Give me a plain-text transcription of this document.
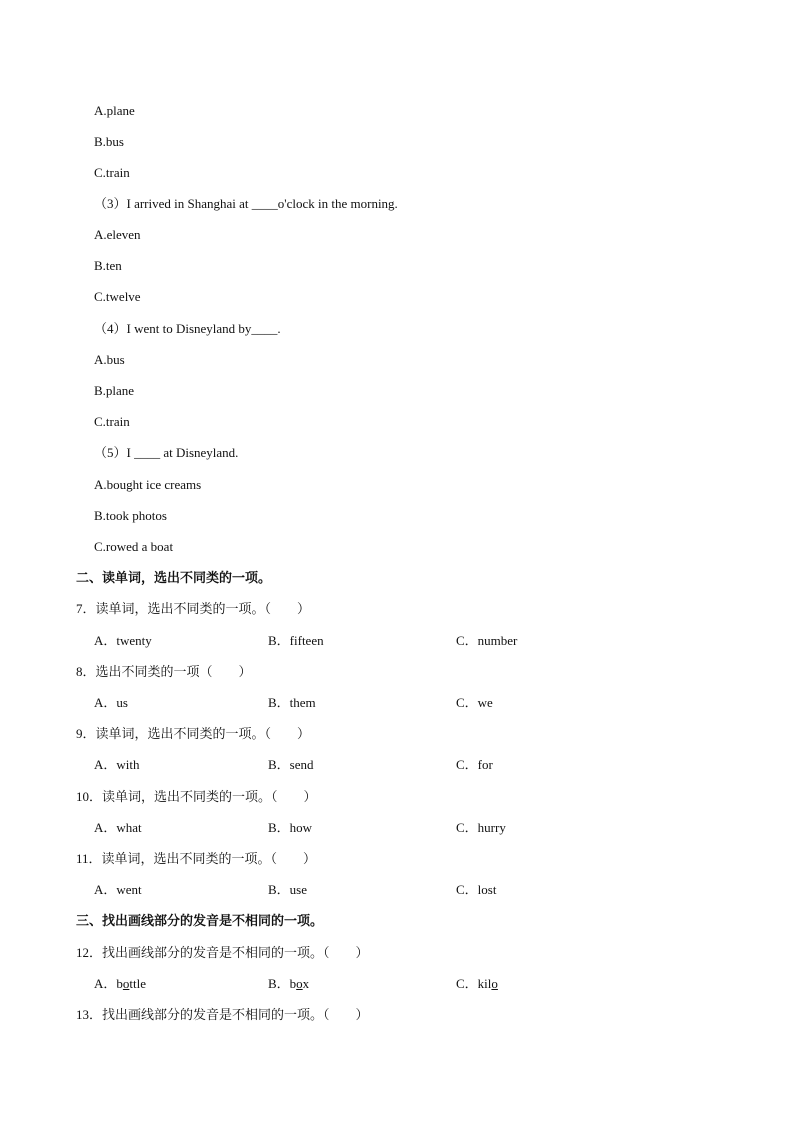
A.plane
B.bus
C.train
（3）I arrived in Shanghai at ____o'clock in the morning.
A.eleven
B.ten
C.twelve
（4）I went to Disneyland by____.
A.bus
B.plane
C.train
（5）I ____ at Disneyland.
A.bought ice creams
B.took photos
C.rowed a boat
二、读单词，选出不同类的一项。
7．读单词，选出不同类的一项。（　　）
A．twenty	B．fifteen	C．number
8．选出不同类的一项（　　）
A．us	B．them	C．we
9．读单词，选出不同类的一项。（　　）
A．with	B．send	C．for
10．读单词，选出不同类的一项。（　　）
A．what	B．how	C．hurry
11．读单词，选出不同类的一项。（　　）
A．went	B．use	C．lost
三、找出画线部分的发音是不相同的一项。
12．找出画线部分的发音是不相同的一项。（　　）
A．bottle	B．box	C．kilo
13．找出画线部分的发音是不相同的一项。（　　）
